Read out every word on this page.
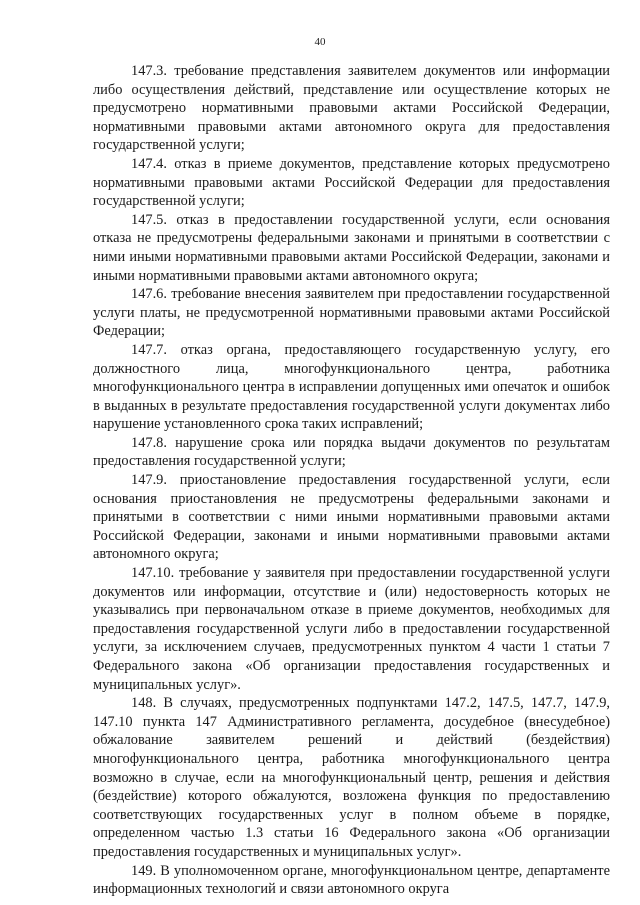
40

147.3. требование представления заявителем документов или информации либо осуществления действий, представление или осуществление которых не предусмотрено нормативными правовыми актами Российской Федерации, нормативными правовыми актами автономного округа для предоставления государственной услуги;

147.4. отказ в приеме документов, представление которых предусмотрено нормативными правовыми актами Российской Федерации для предоставления государственной услуги;

147.5. отказ в предоставлении государственной услуги, если основания отказа не предусмотрены федеральными законами и принятыми в соответствии с ними иными нормативными правовыми актами Российской Федерации, законами и иными нормативными правовыми актами автономного округа;

147.6. требование внесения заявителем при предоставлении государственной услуги платы, не предусмотренной нормативными правовыми актами Российской Федерации;

147.7. отказ органа, предоставляющего государственную услугу, его должностного лица, многофункционального центра, работника многофункционального центра в исправлении допущенных ими опечаток и ошибок в выданных в результате предоставления государственной услуги документах либо нарушение установленного срока таких исправлений;

147.8. нарушение срока или порядка выдачи документов по результатам предоставления государственной услуги;

147.9. приостановление предоставления государственной услуги, если основания приостановления не предусмотрены федеральными законами и принятыми в соответствии с ними иными нормативными правовыми актами Российской Федерации, законами и иными нормативными правовыми актами автономного округа;

147.10. требование у заявителя при предоставлении государственной услуги документов или информации, отсутствие и (или) недостоверность которых не указывались при первоначальном отказе в приеме документов, необходимых для предоставления государственной услуги либо в предоставлении государственной услуги, за исключением случаев, предусмотренных пунктом 4 части 1 статьи 7 Федерального закона «Об организации предоставления государственных и муниципальных услуг».

148. В случаях, предусмотренных подпунктами 147.2, 147.5, 147.7, 147.9, 147.10 пункта 147 Административного регламента, досудебное (внесудебное) обжалование заявителем решений и действий (бездействия) многофункционального центра, работника многофункционального центра возможно в случае, если на многофункциональный центр, решения и действия (бездействие) которого обжалуются, возложена функция по предоставлению соответствующих государственных услуг в полном объеме в порядке, определенном частью 1.3 статьи 16 Федерального закона «Об организации предоставления государственных и муниципальных услуг».

149. В уполномоченном органе, многофункциональном центре, департаменте информационных технологий и связи автономного округа
